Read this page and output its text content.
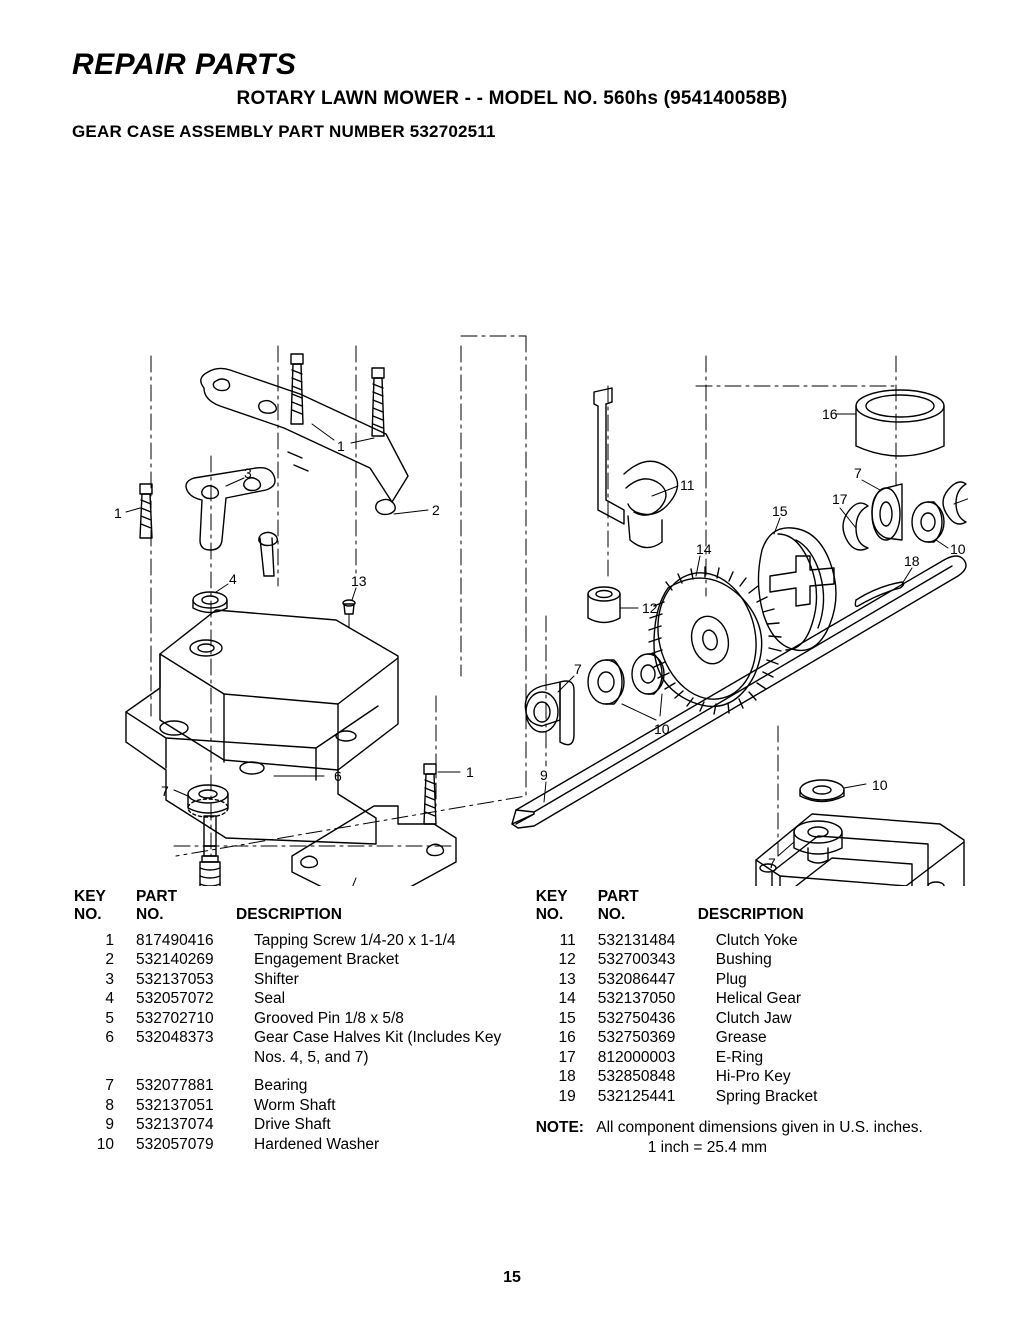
REPAIR PARTS
ROTARY LAWN MOWER - - MODEL NO. 560hs (954140058B)
GEAR CASE ASSEMBLY PART NUMBER 532702511
1
2
3
1
4	13
6	1
7
11
12
14
7
10
15
17
7
10
16
18
9
10
7
KEY
NO.
PART
NO.	DESCRIPTION
1	817490416	Tapping Screw 1/4-20 x 1-1/4
2	532140269	Engagement Bracket
3	532137053	Shifter
4	532057072	Seal
5	532702710	Grooved Pin 1/8 x 5/8
6	532048373	Gear Case Halves Kit (Includes Key
Nos. 4, 5, and 7)
7	532077881	Bearing
8	532137051	Worm Shaft
9	532137074	Drive Shaft
10	532057079	Hardened Washer
KEY
NO.
PART
NO.	DESCRIPTION
11	532131484	Clutch Yoke
12	532700343	Bushing
13	532086447	Plug
14	532137050	Helical Gear
15	532750436	Clutch Jaw
16	532750369	Grease
17	812000003	E-Ring
18	532850848	Hi-Pro Key
19	532125441	Spring Bracket
NOTE: All component dimensions given in U.S. inches.
1 inch = 25.4 mm
15
